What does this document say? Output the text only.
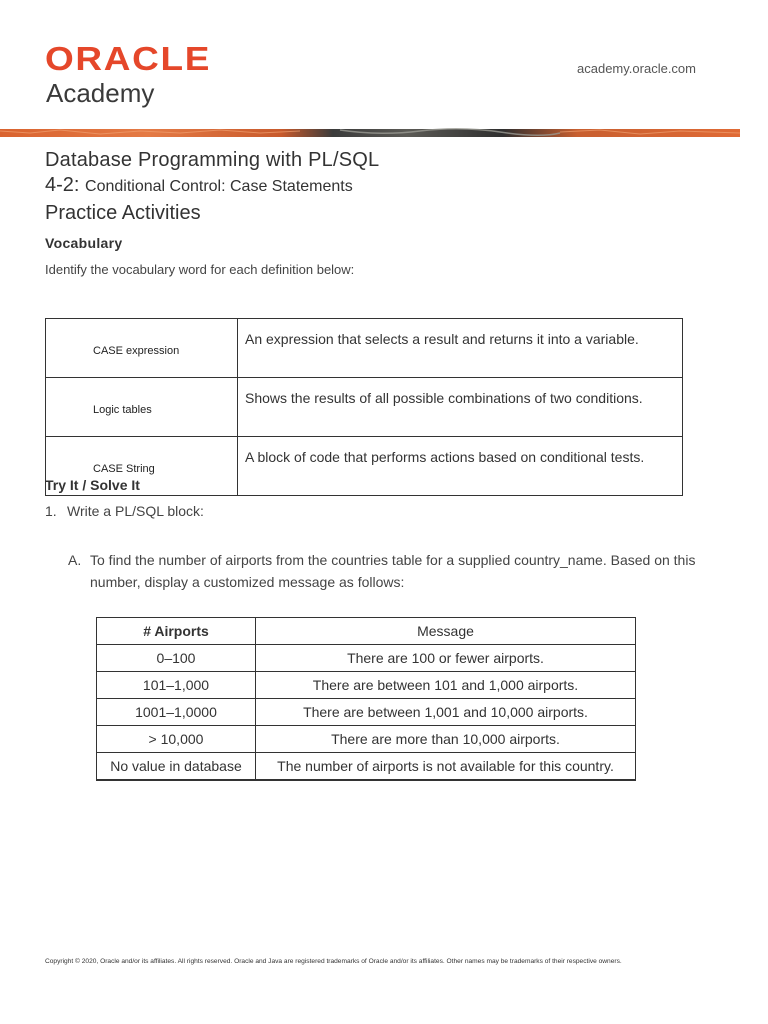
ORACLE
Academy
academy.oracle.com
Database Programming with PL/SQL
4-2: Conditional Control: Case Statements
Practice Activities
Vocabulary
Identify the vocabulary word for each definition below:
CASE expression	An expression that selects a result and returns it into a variable.
Logic tables	Shows the results of all possible combinations of two conditions.
CASE String	A block of code that performs actions based on conditional tests.
Try It / Solve It
1. Write a PL/SQL block:
A. To find the number of airports from the countries table for a supplied country_name. Based on this number, display a customized message as follows:
# Airports	Message
0–100	There are 100 or fewer airports.
101–1,000	There are between 101 and 1,000 airports.
1001–1,0000	There are between 1,001 and 10,000 airports.
> 10,000	There are more than 10,000 airports.
No value in database	The number of airports is not available for this country.
Copyright © 2020, Oracle and/or its affiliates. All rights reserved. Oracle and Java are registered trademarks of Oracle and/or its affiliates. Other names may be trademarks of their respective owners.
